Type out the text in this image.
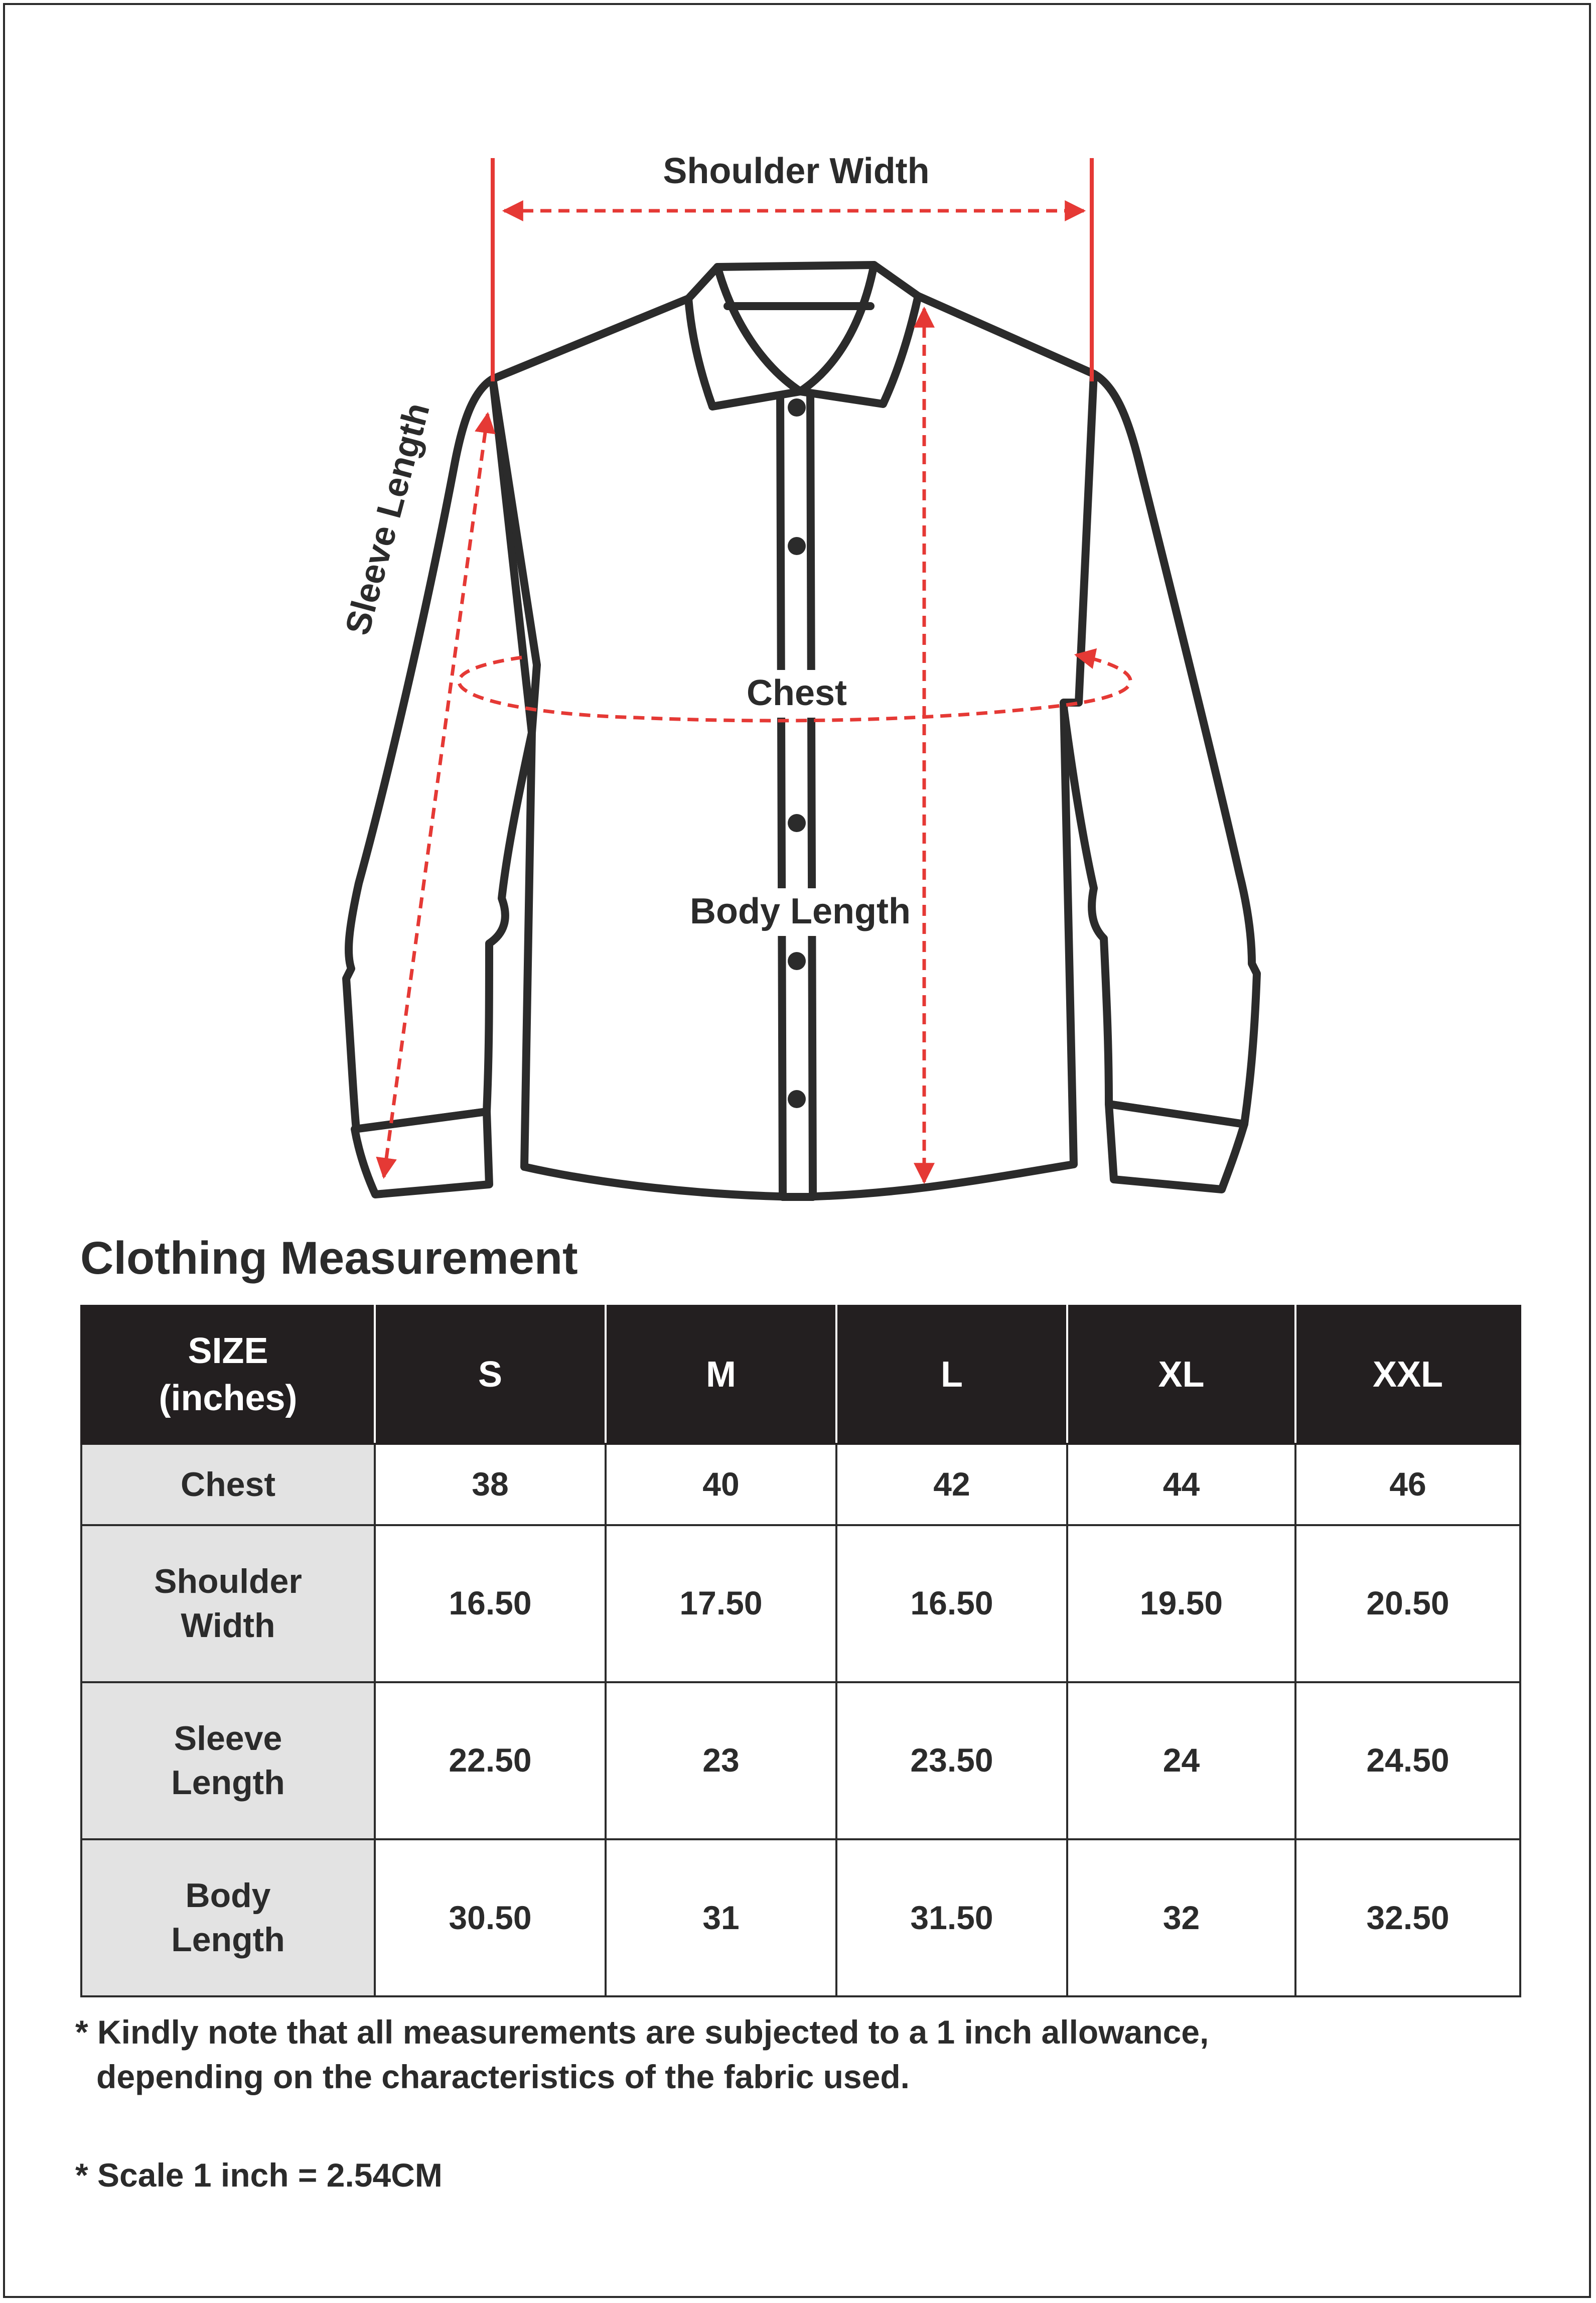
Shoulder Width
Sleeve Length
Chest
Body Length
Clothing Measurement
SIZE
(inches)	S	M	L	XL	XXL
Chest	38	40	42	44	46
Shoulder
Width	16.50	17.50	16.50	19.50	20.50
Sleeve
Length	22.50	23	23.50	24	24.50
Body
Length	30.50	31	31.50	32	32.50
* Kindly note that all measurements are subjected to a 1 inch allowance,
depending on the characteristics of the fabric used.
* Scale 1 inch = 2.54CM
